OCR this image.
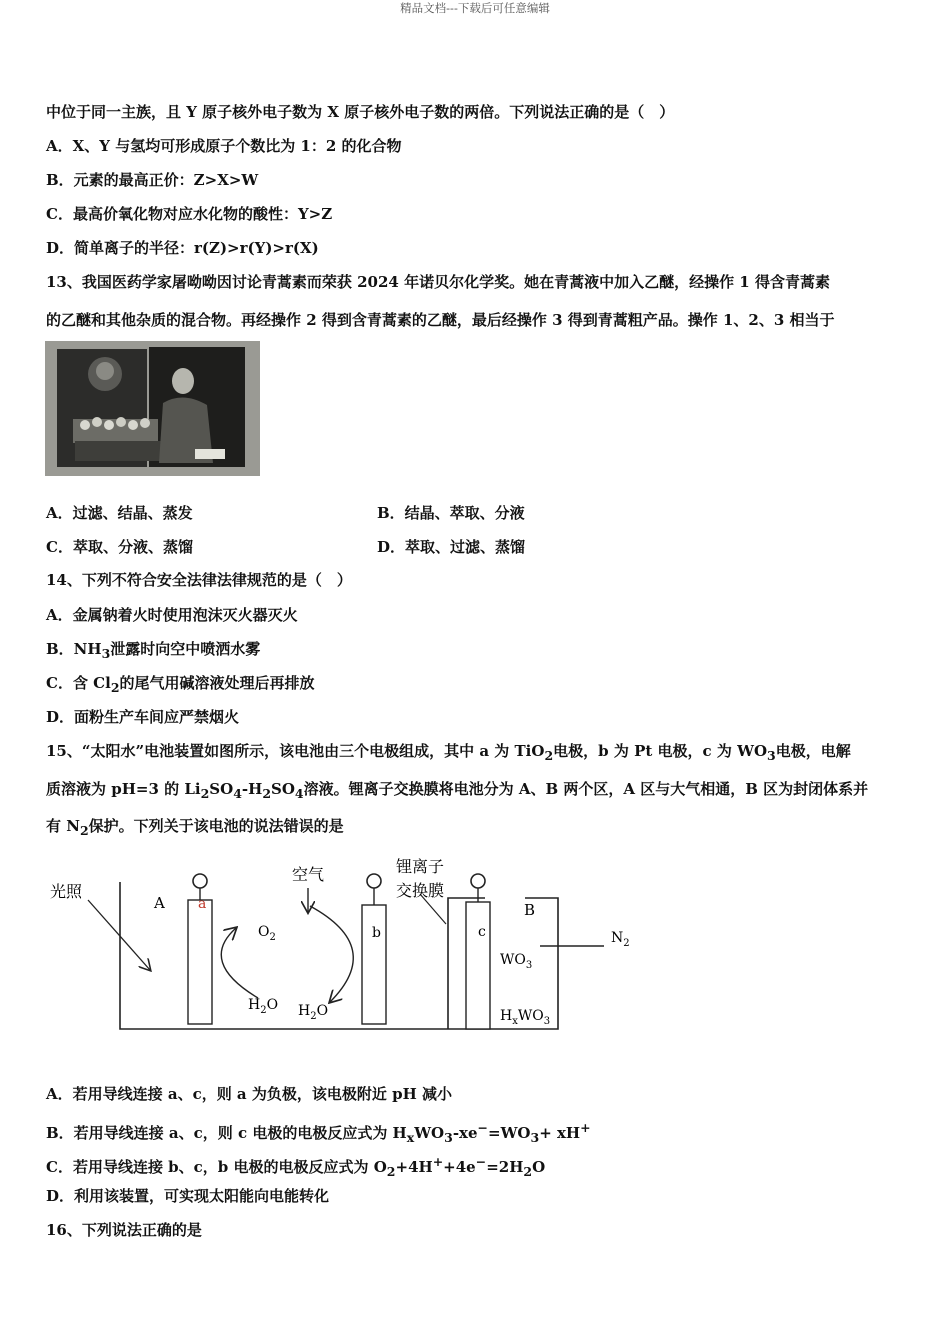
精品文档---下载后可任意编辑
中位于同一主族，且 Y 原子核外电子数为 X 原子核外电子数的两倍。下列说法正确的是（　）
A．X、Y 与氢均可形成原子个数比为 1：2 的化合物
B．元素的最高正价：Z>X>W
C．最高价氧化物对应水化物的酸性：Y>Z
D．简单离子的半径：r(Z)>r(Y)>r(X)
13、我国医药学家屠呦呦因讨论青蒿素而荣获 2024 年诺贝尔化学奖。她在青蒿液中加入乙醚，经操作 1 得含青蒿素
的乙醚和其他杂质的混合物。再经操作 2 得到含青蒿素的乙醚，最后经操作 3 得到青蒿粗产品。操作 1、2、3 相当于
A．过滤、结晶、蒸发	B．结晶、萃取、分液
C．萃取、分液、蒸馏	D．萃取、过滤、蒸馏
14、下列不符合安全法律法律规范的是（　）
A．金属钠着火时使用泡沫灭火器灭火
B．$NH_3$泄露时向空中喷洒水雾
C．含 $Cl_2$的尾气用碱溶液处理后再排放
D．面粉生产车间应严禁烟火
15、“太阳水”电池装置如图所示，该电池由三个电极组成，其中 a 为 TiO$_2$电极，b 为 Pt 电极，c 为 $WO_3$电极，电解
质溶液为 pH=3 的 $Li_2SO_4-H_2SO_4$溶液。锂离子交换膜将电池分为 A、B 两个区，A 区与大气相通，B 区为封闭体系并
有 $N_2$保护。下列关于该电池的说法错误的是
光照
空气	锂离子
交换膜
A	B
a
b	c
$O_2$
$H_2O$ $H_2O$
$WO_3$
$H_xWO_3$
$N_2$
A．若用导线连接 a、c，则 a 为负极，该电极附近 pH 减小
B．若用导线连接 a、c，则 c 电极的电极反应式为 $H_xWO_3-xe^-=WO_3+ xH^+$
C．若用导线连接 b、c，b 电极的电极反应式为 $O_2+4H^++4e^-=2H_2O$
D．利用该装置，可实现太阳能向电能转化
16、下列说法正确的是
